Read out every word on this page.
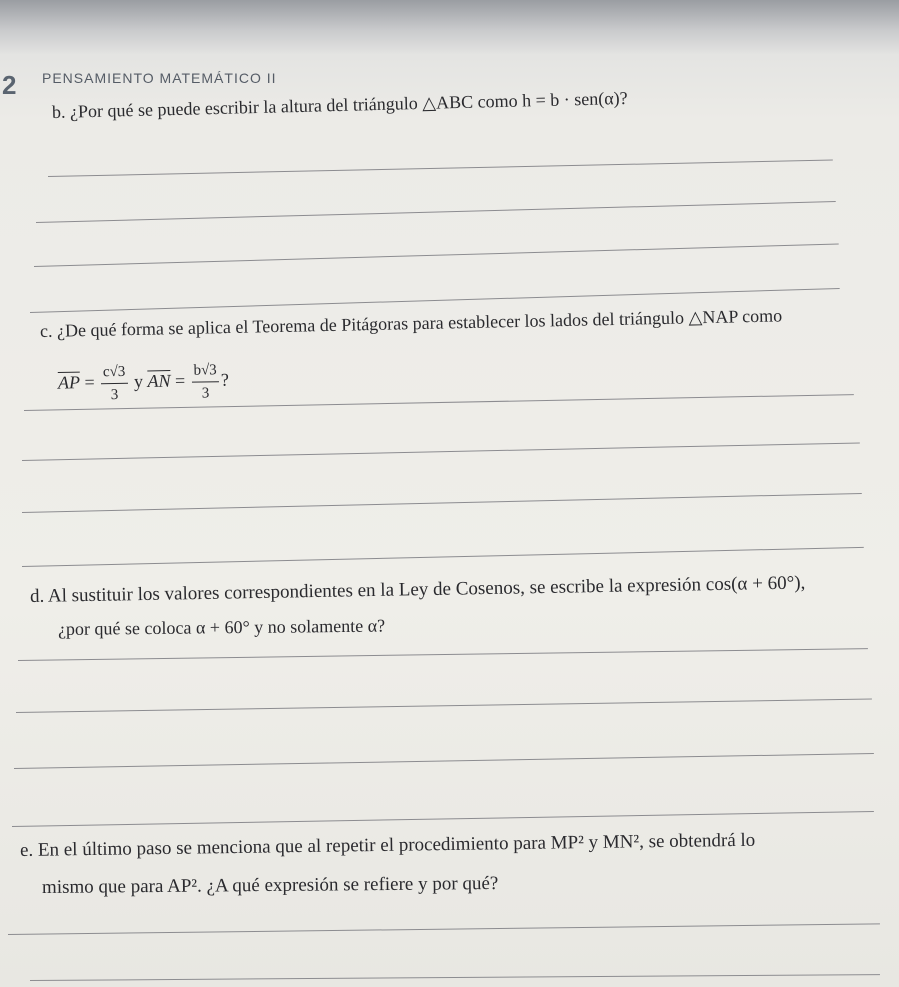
2 PENSAMIENTO MATEMÁTICO II
b. ¿Por qué se puede escribir la altura del triángulo △ABC como h = b · sen(α)?
c. ¿De qué forma se aplica el Teorema de Pitágoras para establecer los lados del triángulo △NAP como
$\overline{AP} = \frac{c√3}{3}$ y $\overline{AN} = \frac{b√3}{3}$ ?
d. Al sustituir los valores correspondientes en la Ley de Cosenos, se escribe la expresión cos(α + 60°),
¿por qué se coloca α + 60° y no solamente α?
e. En el último paso se menciona que al repetir el procedimiento para MP² y MN², se obtendrá lo
mismo que para AP². ¿A qué expresión se refiere y por qué?
